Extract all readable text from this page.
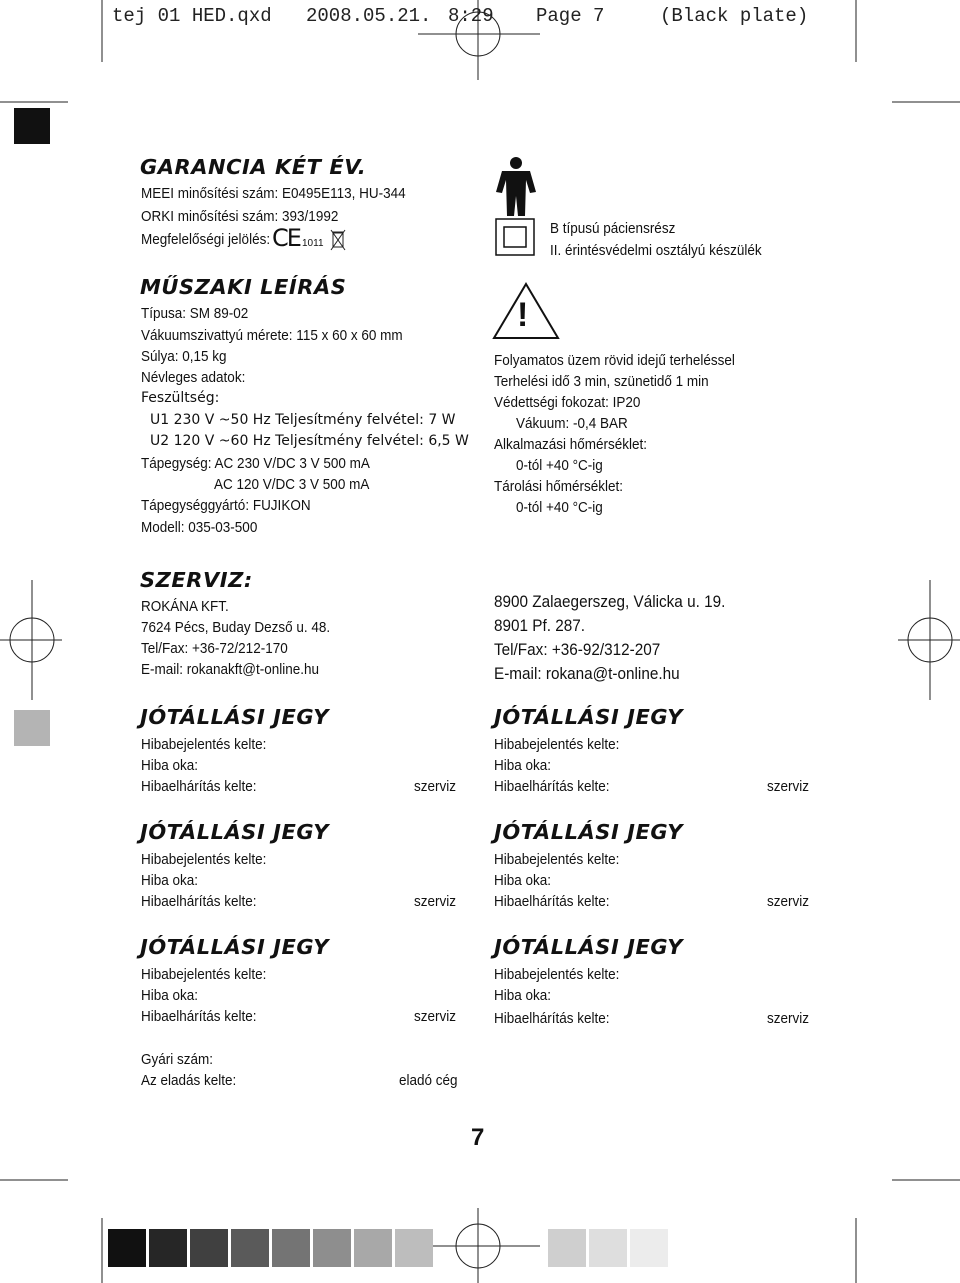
tej 01 HED.qxd

2008.05.21.

8:29

Page 7

	(Black plate)

GARANCIA KÉT ÉV.
MEEI minősítési szám: E0495E113, HU-344
ORKI minősítési szám: 393/1992
Megfelelőségi jelölés: CE 1011
MŰSZAKI LEÍRÁS
Típusa: SM 89-02
Vákuumszivattyú mérete: 115 x 60 x 60 mm
Súlya: 0,15 kg
Névleges adatok:
Feszültség:
U1 230 V ~50 Hz Teljesítmény felvétel: 7 W
U2 120 V ~60 Hz Teljesítmény felvétel: 6,5 W
Tápegység: AC 230 V/DC 3 V 500 mA
AC 120 V/DC 3 V 500 mA
Tápegységgyártó: FUJIKON
Modell: 035-03-500
B típusú páciensrész
II. érintésvédelmi osztályú készülék
!
Folyamatos üzem rövid idejű terheléssel
Terhelési idő 3 min, szünetidő 1 min
Védettségi fokozat: IP20
Vákuum: -0,4 BAR
Alkalmazási hőmérséklet:
0-tól +40 °C-ig
Tárolási hőmérséklet:
0-tól +40 °C-ig
SZERVIZ:
ROKÁNA KFT.
7624 Pécs, Buday Dezső u. 48.
Tel/Fax: +36-72/212-170
E-mail: rokanakft@t-online.hu
8900 Zalaegerszeg, Válicka u. 19.
8901 Pf. 287.
Tel/Fax: +36-92/312-207
E-mail: rokana@t-online.hu
JÓTÁLLÁSI JEGY
Hibabejelentés kelte:
Hiba oka:
Hibaelhárítás kelte:	szerviz
JÓTÁLLÁSI JEGY
Hibabejelentés kelte:
Hiba oka:
Hibaelhárítás kelte:	szerviz
JÓTÁLLÁSI JEGY
Hibabejelentés kelte:
Hiba oka:
Hibaelhárítás kelte:	szerviz
JÓTÁLLÁSI JEGY
Hibabejelentés kelte:
Hiba oka:
Hibaelhárítás kelte:	szerviz
JÓTÁLLÁSI JEGY
Hibabejelentés kelte:
Hiba oka:
Hibaelhárítás kelte:	szerviz
JÓTÁLLÁSI JEGY
Hibabejelentés kelte:
Hiba oka:
Hibaelhárítás kelte:	szerviz
Gyári szám:
Az eladás kelte:	eladó cég
7
